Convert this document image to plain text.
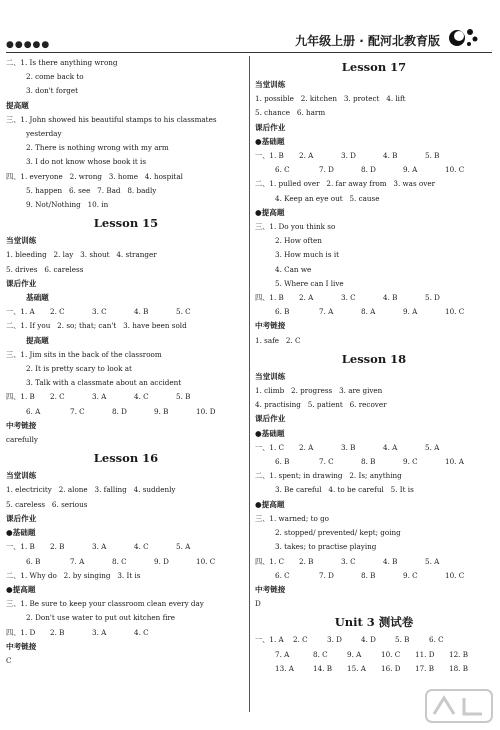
●●●●●	九年级上册 · 配河北教育版
二、1. Is there anything wrong
2. come back to
3. don't forget
提高题
三、1. John showed his beautiful stamps to his classmates
yesterday
2. There is nothing wrong with my arm
3. I do not know whose book it is
四、1. everyone   2. wrong   3. home   4. hospital
5. happen   6. see   7. Bad   8. badly
9. Not/Nothing   10. in
Lesson 15
当堂训练
1. bleeding   2. lay   3. shout   4. stranger
5. drives   6. careless
课后作业
基础题
一、1. A	2. C	3. C	4. B	5. C
二、1. If you   2. so; that; can't   3. have been sold
提高题
三、1. Jim sits in the back of the classroom
2. It is pretty scary to look at
3. Talk with a classmate about an accident
四、1. B	2. C	3. A	4. C	5. B
6. A	7. C	8. D	9. B	10. D
中考链接
carefully
Lesson 16
当堂训练
1. electricity   2. alone   3. falling   4. suddenly
5. careless   6. serious
课后作业
●基础题
一、1. B	2. B	3. A	4. C	5. A
6. B	7. A	8. C	9. D	10. C
二、1. Why do   2. by singing   3. It is
●提高题
三、1. Be sure to keep your classroom clean every day
2. Don't use water to put out kitchen fire
四、1. D	2. B	3. A	4. C
中考链接
C
Lesson 17
当堂训练
1. possible   2. kitchen   3. protect   4. lift
5. chance   6. harm
课后作业
●基础题
一、1. B	2. A	3. D	4. B	5. B
6. C	7. D	8. D	9. A	10. C
二、1. pulled over   2. far away from   3. was over
4. Keep an eye out   5. cause
●提高题
三、1. Do you think so
2. How often
3. How much is it
4. Can we
5. Where can I live
四、1. B	2. A	3. C	4. B	5. D
6. B	7. A	8. A	9. A	10. C
中考链接
1. safe   2. C
Lesson 18
当堂训练
1. climb   2. progress   3. are given
4. practising   5. patient   6. recover
课后作业
●基础题
一、1. C	2. A	3. B	4. A	5. A
6. B	7. C	8. B	9. C	10. A
二、1. spent; in drawing   2. Is; anything
3. Be careful   4. to be careful   5. It is
●提高题
三、1. warned; to go
2. stopped/ prevented/ kept; going
3. takes; to practise playing
四、1. C	2. B	3. C	4. B	5. A
6. C	7. D	8. B	9. C	10. C
中考链接
D
Unit 3 测试卷
一、1. A	2. C	3. D	4. D	5. B	6. C
7. A	8. C	9. A	10. C	11. D	12. B
13. A	14. B	15. A	16. D	17. B	18. B
